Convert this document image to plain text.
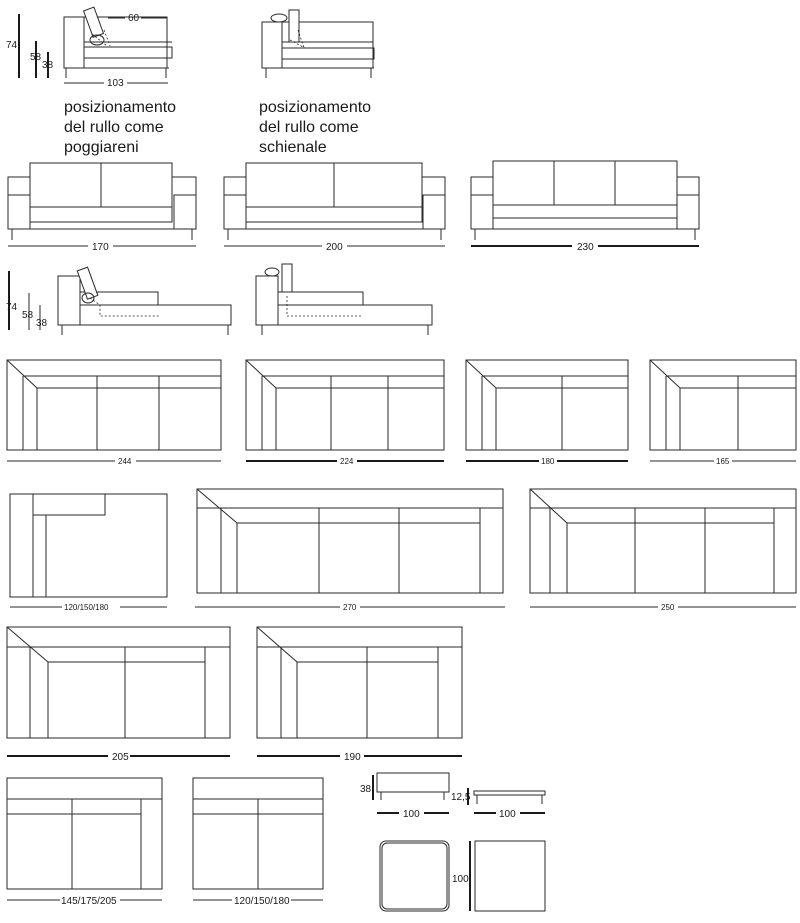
74
58
38
60
103
posizionamento
del rullo come
poggiareni
posizionamento
del rullo come
schienale
170	200	230
74
58
38
244	224	180	165
120/150/180	270	250
205	190
145/175/205	120/150/180
38
100
12,5
100
100
